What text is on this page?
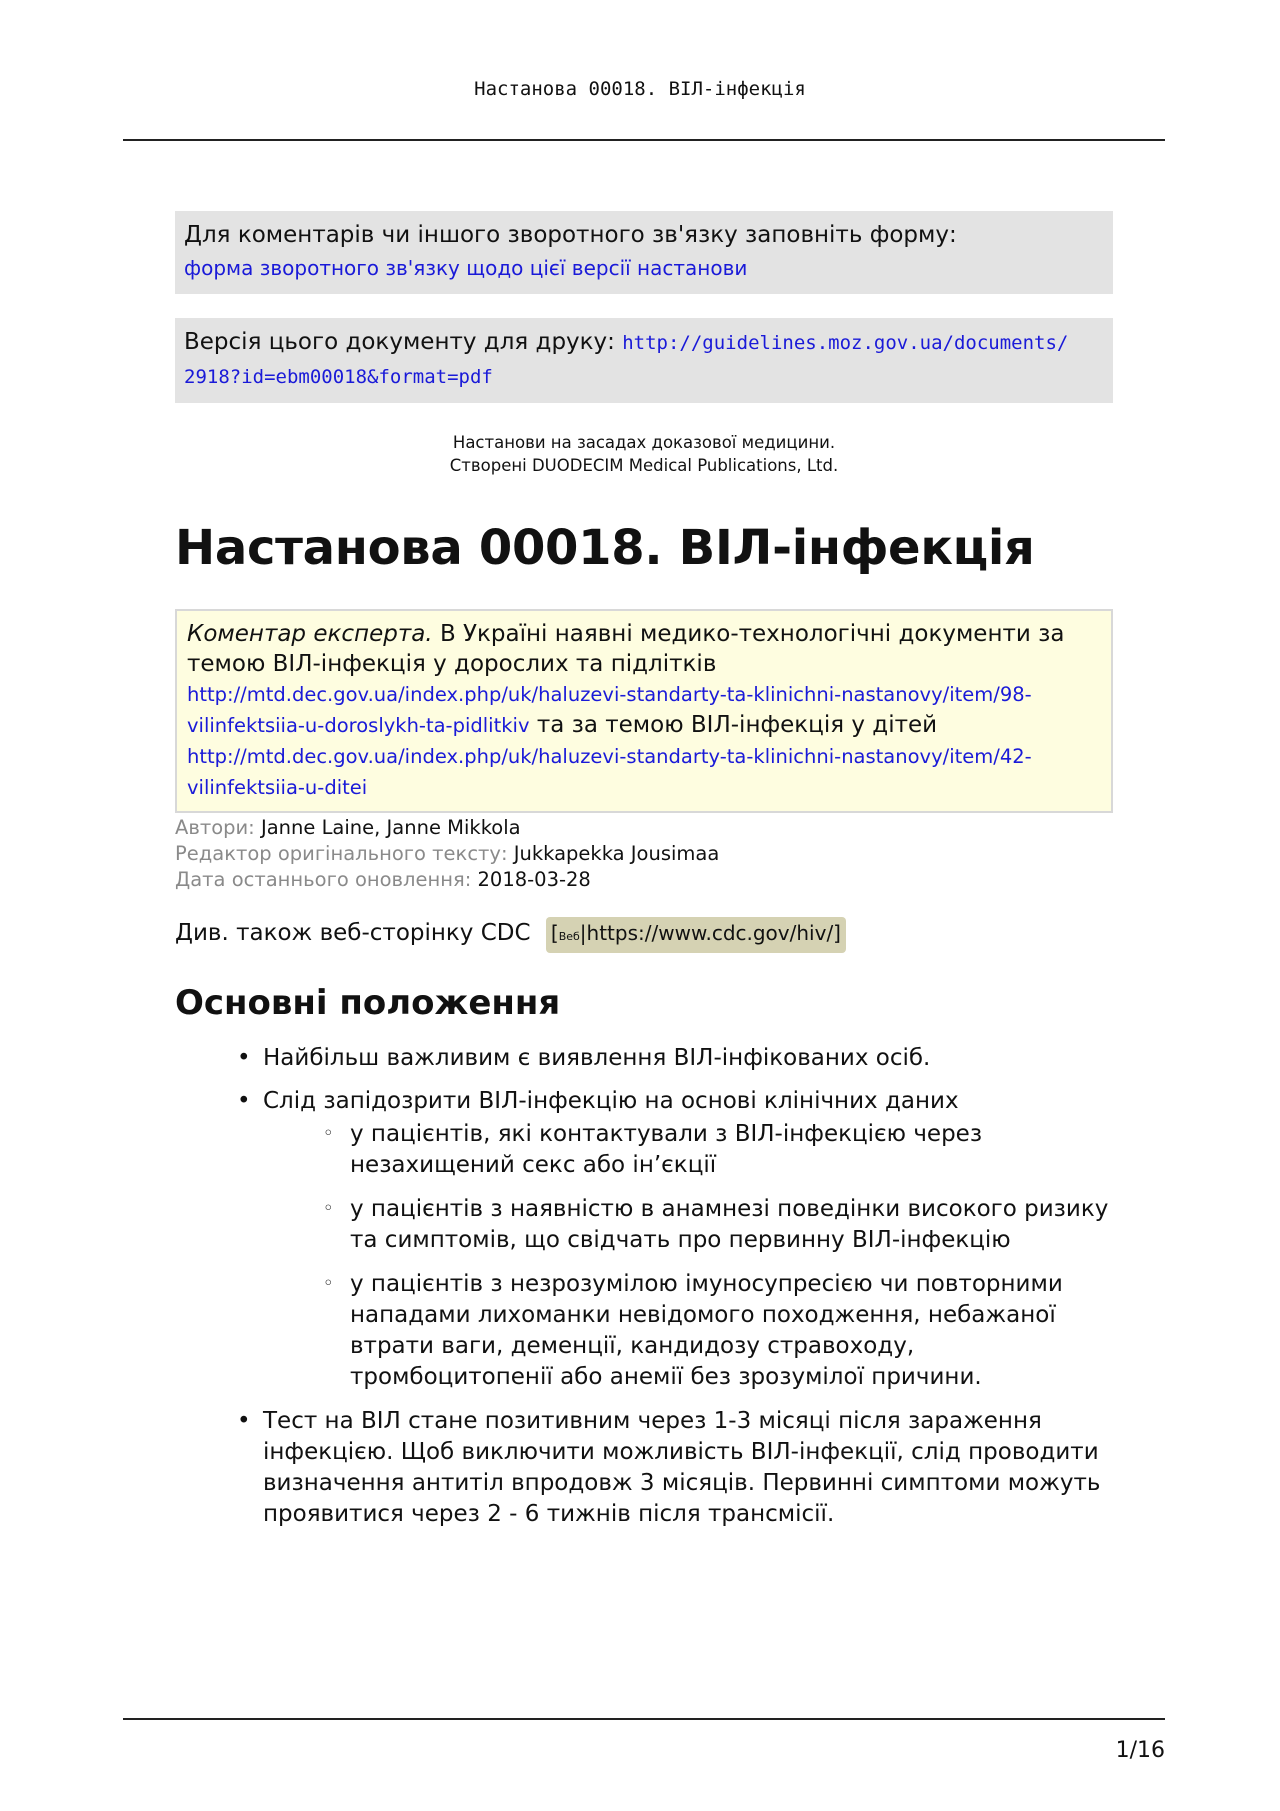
Настанова 00018. ВІЛ-інфекція
Для коментарів чи іншого зворотного зв'язку заповніть форму:
форма зворотного зв'язку щодо цієї версії настанови
Версія цього документу для друку: http://guidelines.moz.gov.ua/documents/
2918?id=ebm00018&format=pdf
Настанови на засадах доказової медицини.
Створені DUODECIM Medical Publications, Ltd.
Настанова 00018. ВІЛ-інфекція
Коментар експерта. В Україні наявні медико-технологічні документи за темою ВІЛ-інфекція у дорослих та підлітків http://mtd.dec.gov.ua/index.php/uk/haluzevi-standarty-ta-klinichni-nastanovy/item/98-vilinfektsiia-u-doroslykh-ta-pidlitkiv та за темою ВІЛ-інфекція у дітей http://mtd.dec.gov.ua/index.php/uk/haluzevi-standarty-ta-klinichni-nastanovy/item/42-vilinfektsiia-u-ditei
Автори: Janne Laine, Janne Mikkola
Редактор оригінального тексту: Jukkapekka Jousimaa
Дата останнього оновлення: 2018-03-28
Див. також веб-сторінку CDC [Веб|https://www.cdc.gov/hiv/]
Основні положення
• Найбільш важливим є виявлення ВІЛ-інфікованих осіб.
• Слід запідозрити ВІЛ-інфекцію на основі клінічних даних
◦ у пацієнтів, які контактували з ВІЛ-інфекцією через незахищений секс або ін’єкції
◦ у пацієнтів з наявністю в анамнезі поведінки високого ризику та симптомів, що свідчать про первинну ВІЛ-інфекцію
◦ у пацієнтів з незрозумілою імуносупресією чи повторними нападами лихоманки невідомого походження, небажаної втрати ваги, деменції, кандидозу стравоходу, тромбоцитопенії або анемії без зрозумілої причини.
• Тест на ВІЛ стане позитивним через 1-3 місяці після зараження інфекцією. Щоб виключити можливість ВІЛ-інфекції, слід проводити визначення антитіл впродовж 3 місяців. Первинні симптоми можуть проявитися через 2 - 6 тижнів після трансмісії.
1/16
